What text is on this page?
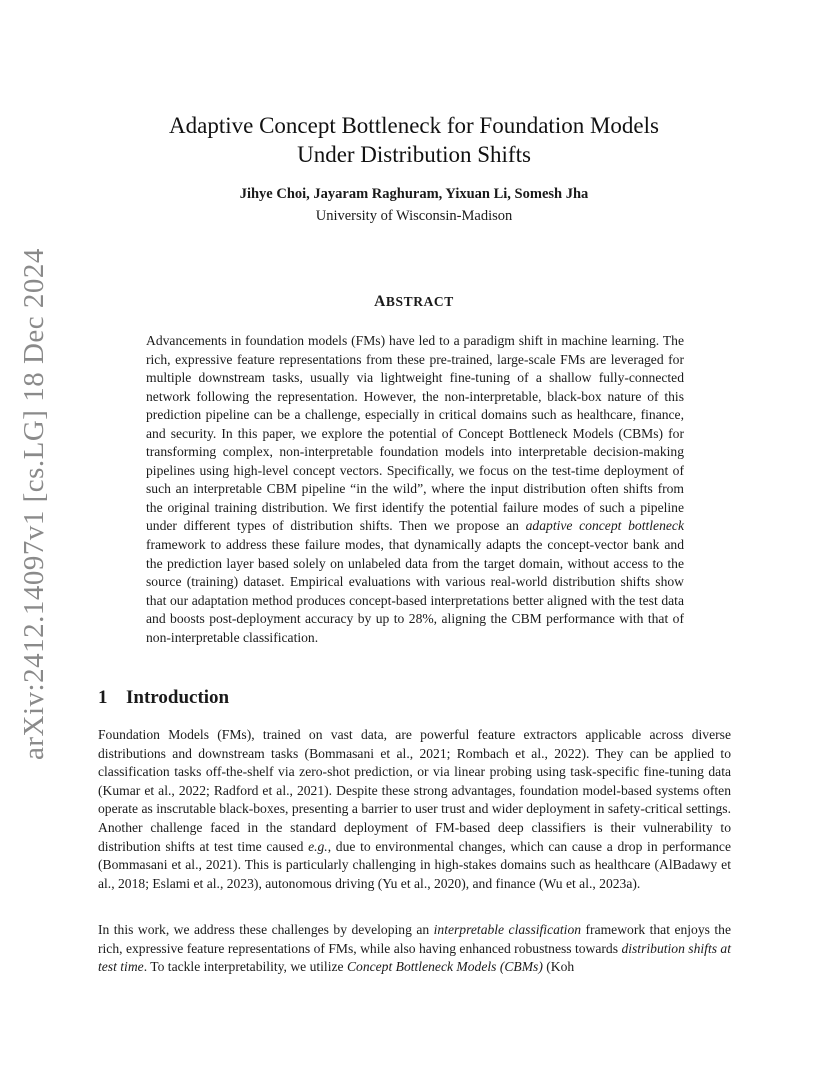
arXiv:2412.14097v1 [cs.LG] 18 Dec 2024
Adaptive Concept Bottleneck for Foundation Models
Under Distribution Shifts
Jihye Choi, Jayaram Raghuram, Yixuan Li, Somesh Jha
University of Wisconsin-Madison
ABSTRACT
Advancements in foundation models (FMs) have led to a paradigm shift in machine learning. The rich, expressive feature representations from these pre-trained, large-scale FMs are leveraged for multiple downstream tasks, usually via lightweight fine-tuning of a shallow fully-connected network following the representation. However, the non-interpretable, black-box nature of this prediction pipeline can be a challenge, especially in critical domains such as healthcare, finance, and security. In this paper, we explore the potential of Concept Bottleneck Models (CBMs) for transforming complex, non-interpretable foundation models into interpretable decision-making pipelines using high-level concept vectors. Specifically, we focus on the test-time deployment of such an interpretable CBM pipeline “in the wild”, where the input distribution often shifts from the original training distribution. We first identify the potential failure modes of such a pipeline under different types of distribution shifts. Then we propose an adaptive concept bottleneck framework to address these failure modes, that dynamically adapts the concept-vector bank and the prediction layer based solely on unlabeled data from the target domain, without access to the source (training) dataset. Empirical evaluations with various real-world distribution shifts show that our adaptation method produces concept-based interpretations better aligned with the test data and boosts post-deployment accuracy by up to 28%, aligning the CBM performance with that of non-interpretable classification.
1 Introduction
Foundation Models (FMs), trained on vast data, are powerful feature extractors applicable across diverse distributions and downstream tasks (Bommasani et al., 2021; Rombach et al., 2022). They can be applied to classification tasks off-the-shelf via zero-shot prediction, or via linear probing using task-specific fine-tuning data (Kumar et al., 2022; Radford et al., 2021). Despite these strong advantages, foundation model-based systems often operate as inscrutable black-boxes, presenting a barrier to user trust and wider deployment in safety-critical settings. Another challenge faced in the standard deployment of FM-based deep classifiers is their vulnerability to distribution shifts at test time caused e.g., due to environmental changes, which can cause a drop in performance (Bommasani et al., 2021). This is particularly challenging in high-stakes domains such as healthcare (AlBadawy et al., 2018; Eslami et al., 2023), autonomous driving (Yu et al., 2020), and finance (Wu et al., 2023a).
In this work, we address these challenges by developing an interpretable classification framework that enjoys the rich, expressive feature representations of FMs, while also having enhanced robustness towards distribution shifts at test time. To tackle interpretability, we utilize Concept Bottleneck Models (CBMs) (Koh
